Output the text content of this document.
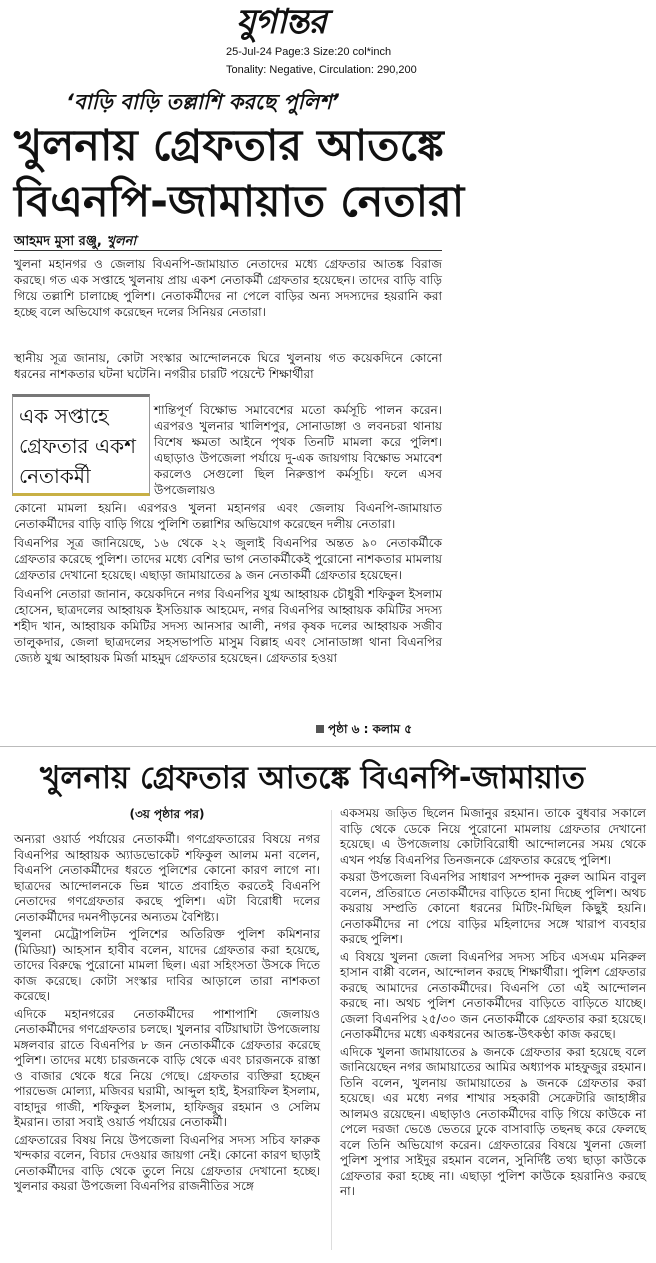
যুগান্তর
25-Jul-24 Page:3 Size:20 col*inch
Tonality: Negative, Circulation: 290,200
‘বাড়ি বাড়ি তল্লাশি করছে পুলিশ’
খুলনায় গ্রেফতার আতঙ্কে
বিএনপি-জামায়াত নেতারা
আহমদ মুসা রঞ্জু, খুলনা

খুলনা মহানগর ও জেলায় বিএনপি-জামায়াত নেতাদের মধ্যে গ্রেফতার আতঙ্ক বিরাজ করছে। গত এক সপ্তাহে খুলনায় প্রায় একশ নেতাকর্মী গ্রেফতার হয়েছেন। তাদের বাড়ি বাড়ি গিয়ে তল্লাশি চালাচ্ছে পুলিশ। নেতাকর্মীদের না পেলে বাড়ির অন্য সদস্যদের হয়রানি করা হচ্ছে বলে অভিযোগ করেছেন দলের সিনিয়র নেতারা।

স্থানীয় সূত্র জানায়, কোটা সংস্কার আন্দোলনকে ঘিরে খুলনায় গত কয়েকদিনে কোনো ধরনের নাশকতার ঘটনা ঘটেনি। নগরীর চারটি পয়েন্টে শিক্ষার্থীরা

এক সপ্তাহে
গ্রেফতার একশ
নেতাকর্মী

শান্তিপূর্ণ বিক্ষোভ সমাবেশের মতো কর্মসূচি পালন করেন। এরপরও খুলনার খালিশপুর, সোনাডাঙ্গা ও লবনচরা থানায় বিশেষ ক্ষমতা আইনে পৃথক তিনটি মামলা করে পুলিশ। এছাড়াও উপজেলা পর্যায়ে দু-এক জায়গায় বিক্ষোভ সমাবেশ করলেও সেগুলো ছিল নিরুত্তাপ কর্মসূচি। ফলে এসব উপজেলায়ও

কোনো মামলা হয়নি। এরপরও খুলনা মহানগর এবং জেলায় বিএনপি-জামায়াত নেতাকর্মীদের বাড়ি বাড়ি গিয়ে পুলিশি তল্লাশির অভিযোগ করেছেন দলীয় নেতারা।

বিএনপির সূত্র জানিয়েছে, ১৬ থেকে ২২ জুলাই বিএনপির অন্তত ৯০ নেতাকর্মীকে গ্রেফতার করেছে পুলিশ। তাদের মধ্যে বেশির ভাগ নেতাকর্মীকেই পুরোনো নাশকতার মামলায় গ্রেফতার দেখানো হয়েছে। এছাড়া জামায়াতের ৯ জন নেতাকর্মী গ্রেফতার হয়েছেন।

বিএনপি নেতারা জানান, কয়েকদিনে নগর বিএনপির যুগ্ম আহ্বায়ক চৌধুরী শফিকুল ইসলাম হোসেন, ছাত্রদলের আহ্বায়ক ইসতিয়াক আহমেদ, নগর বিএনপির আহ্বায়ক কমিটির সদস্য শহীদ খান, আহ্বায়ক কমিটির সদস্য আনসার আলী, নগর কৃষক দলের আহ্বায়ক সজীব তালুকদার, জেলা ছাত্রদলের সহসভাপতি মাসুম বিল্লাহ এবং সোনাডাঙ্গা থানা বিএনপির জ্যেষ্ঠ যুগ্ম আহ্বায়ক মির্জা মাহমুদ গ্রেফতার হয়েছেন। গ্রেফতার হওয়া

পৃষ্ঠা ৬ : কলাম ৫
খুলনায় গ্রেফতার আতঙ্কে বিএনপি-জামায়াত
(৩য় পৃষ্ঠার পর)

অন্যরা ওয়ার্ড পর্যায়ের নেতাকর্মী। গণগ্রেফতারের বিষয়ে নগর বিএনপির আহ্বায়ক অ্যাডভোকেট শফিকুল আলম মনা বলেন, বিএনপি নেতাকর্মীদের ধরতে পুলিশের কোনো কারণ লাগে না। ছাত্রদের আন্দোলনকে ভিন্ন খাতে প্রবাহিত করতেই বিএনপি নেতাদের গণগ্রেফতার করছে পুলিশ। এটা বিরোধী দলের নেতাকর্মীদের দমনপীড়নের অন্যতম বৈশিষ্ট্য।

খুলনা মেট্রোপলিটন পুলিশের অতিরিক্ত পুলিশ কমিশনার (মিডিয়া) আহসান হাবীব বলেন, যাদের গ্রেফতার করা হয়েছে, তাদের বিরুদ্ধে পুরোনো মামলা ছিল। এরা সহিংসতা উসকে দিতে কাজ করেছে। কোটা সংস্কার দাবির আড়ালে তারা নাশকতা করেছে।

এদিকে মহানগরের নেতাকর্মীদের পাশাপাশি জেলায়ও নেতাকর্মীদের গণগ্রেফতার চলছে। খুলনার বটিয়াঘাটা উপজেলায় মঙ্গলবার রাতে বিএনপির ৮ জন নেতাকর্মীকে গ্রেফতার করেছে পুলিশ। তাদের মধ্যে চারজনকে বাড়ি থেকে এবং চারজনকে রাস্তা ও বাজার থেকে ধরে নিয়ে গেছে। গ্রেফতার ব্যক্তিরা হচ্ছেন পারভেজ মোল্যা, মজিবর ঘরামী, আব্দুল হাই, ইসরাফিল ইসলাম, বাহাদুর গাজী, শফিকুল ইসলাম, হাফিজুর রহমান ও সেলিম ইমরান। তারা সবাই ওয়ার্ড পর্যায়ের নেতাকর্মী।

গ্রেফতারের বিষয় নিয়ে উপজেলা বিএনপির সদস্য সচিব ফারুক খন্দকার বলেন, বিচার দেওয়ার জায়গা নেই। কোনো কারণ ছাড়াই নেতাকর্মীদের বাড়ি থেকে তুলে নিয়ে গ্রেফতার দেখানো হচ্ছে। খুলনার কয়রা উপজেলা বিএনপির রাজনীতির সঙ্গে

একসময় জড়িত ছিলেন মিজানুর রহমান। তাকে বুধবার সকালে বাড়ি থেকে ডেকে নিয়ে পুরোনো মামলায় গ্রেফতার দেখানো হয়েছে। এ উপজেলায় কোটাবিরোধী আন্দোলনের সময় থেকে এখন পর্যন্ত বিএনপির তিনজনকে গ্রেফতার করেছে পুলিশ।

কয়রা উপজেলা বিএনপির সাধারণ সম্পাদক নুরুল আমিন বাবুল বলেন, প্রতিরাতে নেতাকর্মীদের বাড়িতে হানা দিচ্ছে পুলিশ। অথচ কয়রায় সম্প্রতি কোনো ধরনের মিটিং-মিছিল কিছুই হয়নি। নেতাকর্মীদের না পেয়ে বাড়ির মহিলাদের সঙ্গে খারাপ ব্যবহার করছে পুলিশ।

এ বিষয়ে খুলনা জেলা বিএনপির সদস্য সচিব এসএম মনিরুল হাসান বাপ্পী বলেন, আন্দোলন করছে শিক্ষার্থীরা। পুলিশ গ্রেফতার করছে আমাদের নেতাকর্মীদের। বিএনপি তো এই আন্দোলন করছে না। অথচ পুলিশ নেতাকর্মীদের বাড়িতে বাড়িতে যাচ্ছে। জেলা বিএনপির ২৫/৩০ জন নেতাকর্মীকে গ্রেফতার করা হয়েছে। নেতাকর্মীদের মধ্যে একধরনের আতঙ্ক-উৎকণ্ঠা কাজ করছে।

এদিকে খুলনা জামায়াতের ৯ জনকে গ্রেফতার করা হয়েছে বলে জানিয়েছেন নগর জামায়াতের আমির অধ্যাপক মাহফুজুর রহমান। তিনি বলেন, খুলনায় জামায়াতের ৯ জনকে গ্রেফতার করা হয়েছে। এর মধ্যে নগর শাখার সহকারী সেক্রেটারি জাহাঙ্গীর আলমও রয়েছেন। এছাড়াও নেতাকর্মীদের বাড়ি গিয়ে কাউকে না পেলে দরজা ভেঙে ভেতরে ঢুকে বাসাবাড়ি তছনছ করে ফেলছে বলে তিনি অভিযোগ করেন। গ্রেফতারের বিষয়ে খুলনা জেলা পুলিশ সুপার সাইদুর রহমান বলেন, সুনির্দিষ্ট তথ্য ছাড়া কাউকে গ্রেফতার করা হচ্ছে না। এছাড়া পুলিশ কাউকে হয়রানিও করছে না।
